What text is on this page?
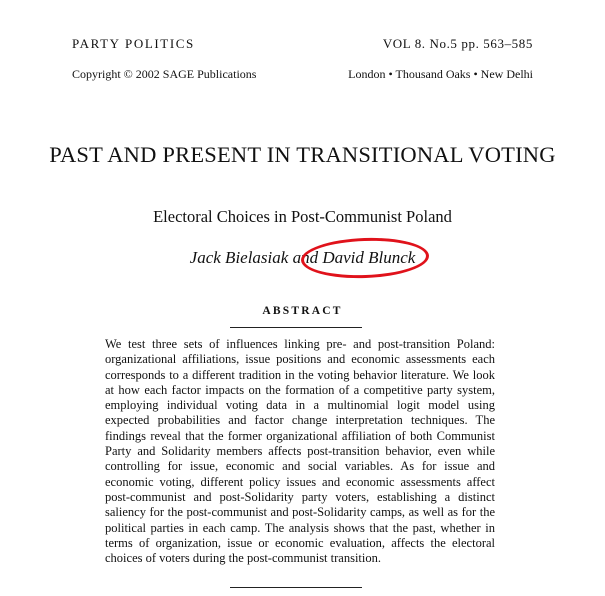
PARTY POLITICS	VOL 8. No.5 pp. 563–585
Copyright © 2002 SAGE Publications	London • Thousand Oaks • New Delhi
PAST AND PRESENT IN TRANSITIONAL VOTING
Electoral Choices in Post-Communist Poland
Jack Bielasiak and David Blunck
ABSTRACT
We test three sets of influences linking pre- and post-transition Poland: organizational affiliations, issue positions and economic assessments each corresponds to a different tradition in the voting behavior literature. We look at how each factor impacts on the formation of a competitive party system, employing individual voting data in a multinomial logit model using expected probabilities and factor change interpretation techniques. The findings reveal that the former organizational affiliation of both Communist Party and Solidarity members affects post-transition behavior, even while controlling for issue, economic and social variables. As for issue and economic voting, different policy issues and economic assessments affect post-communist and post-Solidarity party voters, establishing a distinct saliency for the post-communist and post-Solidarity camps, as well as for the political parties in each camp. The analysis shows that the past, whether in terms of organization, issue or economic evaluation, affects the electoral choices of voters during the post-communist transition.
